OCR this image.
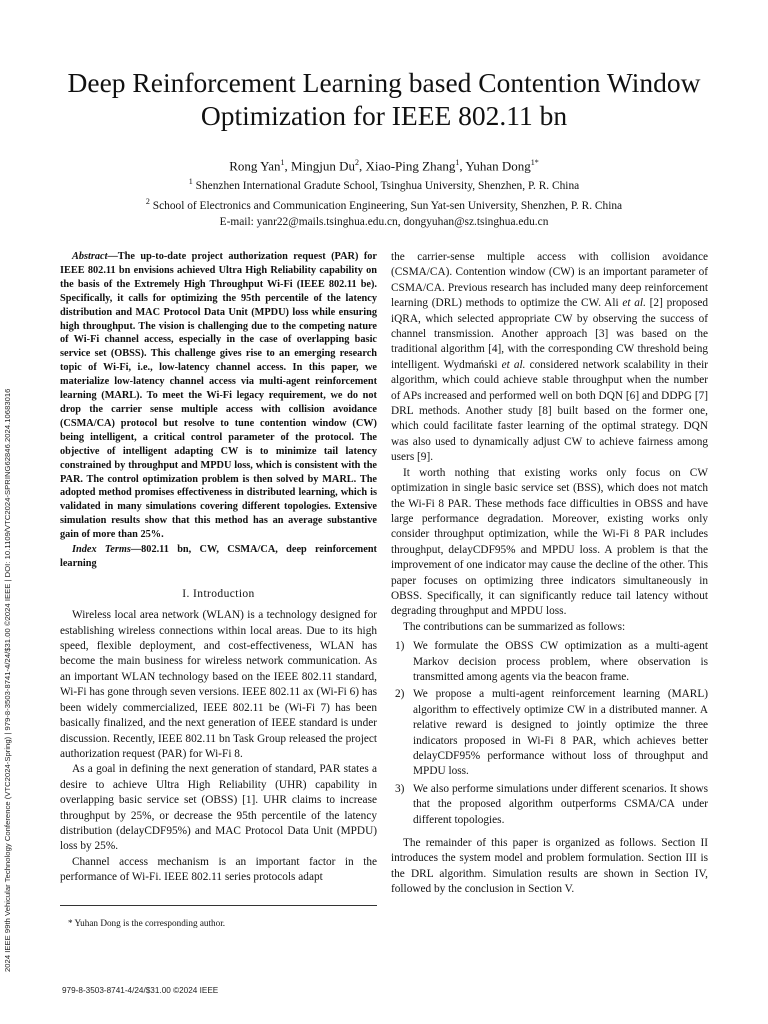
Deep Reinforcement Learning based Contention Window Optimization for IEEE 802.11 bn
Rong Yan$^1$, Mingjun Du$^2$, Xiao-Ping Zhang$^1$, Yuhan Dong$^{1*}$
$^1$ Shenzhen International Gradute School, Tsinghua University, Shenzhen, P. R. China
$^2$ School of Electronics and Communication Engineering, Sun Yat-sen University, Shenzhen, P. R. China
E-mail: yanr22@mails.tsinghua.edu.cn, dongyuhan@sz.tsinghua.edu.cn
2024 IEEE 99th Vehicular Technology Conference (VTC2024-Spring) | 979-8-3503-8741-4/24/$31.00 ©2024 IEEE | DOI: 10.1109/VTC2024-SPRING62846.2024.10683016

Abstract—The up-to-date project authorization request (PAR) for IEEE 802.11 bn envisions achieved Ultra High Reliability capability on the basis of the Extremely High Throughput Wi-Fi (IEEE 802.11 be). Specifically, it calls for optimizing the 95th percentile of the latency distribution and MAC Protocol Data Unit (MPDU) loss while ensuring high throughput. The vision is challenging due to the competing nature of Wi-Fi channel access, especially in the case of overlapping basic service set (OBSS). This challenge gives rise to an emerging research topic of Wi-Fi, i.e., low-latency channel access. In this paper, we materialize low-latency channel access via multi-agent reinforcement learning (MARL). To meet the Wi-Fi legacy requirement, we do not drop the carrier sense multiple access with collision avoidance (CSMA/CA) protocol but resolve to tune contention window (CW) being intelligent, a critical control parameter of the protocol. The objective of intelligent adapting CW is to minimize tail latency constrained by throughput and MPDU loss, which is consistent with the PAR. The control optimization problem is then solved by MARL. The adopted method promises effectiveness in distributed learning, which is validated in many simulations covering different topologies. Extensive simulation results show that this method has an average substantive gain of more than 25%.

Index Terms—802.11 bn, CW, CSMA/CA, deep reinforcement learning

I. Introduction

Wireless local area network (WLAN) is a technology designed for establishing wireless connections within local areas. Due to its high speed, flexible deployment, and cost-effectiveness, WLAN has become the main business for wireless network communication. As an important WLAN technology based on the IEEE 802.11 standard, Wi-Fi has gone through seven versions. IEEE 802.11 ax (Wi-Fi 6) has been widely commercialized, IEEE 802.11 be (Wi-Fi 7) has been basically finalized, and the next generation of IEEE standard is under discussion. Recently, IEEE 802.11 bn Task Group released the project authorization request (PAR) for Wi-Fi 8.

As a goal in defining the next generation of standard, PAR states a desire to achieve Ultra High Reliability (UHR) capability in overlapping basic service set (OBSS) [1]. UHR claims to increase throughput by 25%, or decrease the 95th percentile of the latency distribution (delayCDF95%) and MAC Protocol Data Unit (MPDU) loss by 25%.

Channel access mechanism is an important factor in the performance of Wi-Fi. IEEE 802.11 series protocols adapt

* Yuhan Dong is the corresponding author.

the carrier-sense multiple access with collision avoidance (CSMA/CA). Contention window (CW) is an important parameter of CSMA/CA. Previous research has included many deep reinforcement learning (DRL) methods to optimize the CW. Ali et al. [2] proposed iQRA, which selected appropriate CW by observing the success of channel transmission. Another approach [3] was based on the traditional algorithm [4], with the corresponding CW threshold being intelligent. Wydmański et al. considered network scalability in their algorithm, which could achieve stable throughput when the number of APs increased and performed well on both DQN [6] and DDPG [7] DRL methods. Another study [8] built based on the former one, which could facilitate faster learning of the optimal strategy. DQN was also used to dynamically adjust CW to achieve fairness among users [9].

It worth nothing that existing works only focus on CW optimization in single basic service set (BSS), which does not match the Wi-Fi 8 PAR. These methods face difficulties in OBSS and have large performance degradation. Moreover, existing works only consider throughput optimization, while the Wi-Fi 8 PAR includes throughput, delayCDF95% and MPDU loss. A problem is that the improvement of one indicator may cause the decline of the other. This paper focuses on optimizing three indicators simultaneously in OBSS. Specifically, it can significantly reduce tail latency without degrading throughput and MPDU loss.

The contributions can be summarized as follows:

1) We formulate the OBSS CW optimization as a multi-agent Markov decision process problem, where observation is transmitted among agents via the beacon frame.
2) We propose a multi-agent reinforcement learning (MARL) algorithm to effectively optimize CW in a distributed manner. A relative reward is designed to jointly optimize the three indicators proposed in Wi-Fi 8 PAR, which achieves better delayCDF95% performance without loss of throughput and MPDU loss.
3) We also performe simulations under different scenarios. It shows that the proposed algorithm outperforms CSMA/CA under different topologies.

The remainder of this paper is organized as follows. Section II introduces the system model and problem formulation. Section III is the DRL algorithm. Simulation results are shown in Section IV, followed by the conclusion in Section V.

979-8-3503-8741-4/24/$31.00 ©2024 IEEE
